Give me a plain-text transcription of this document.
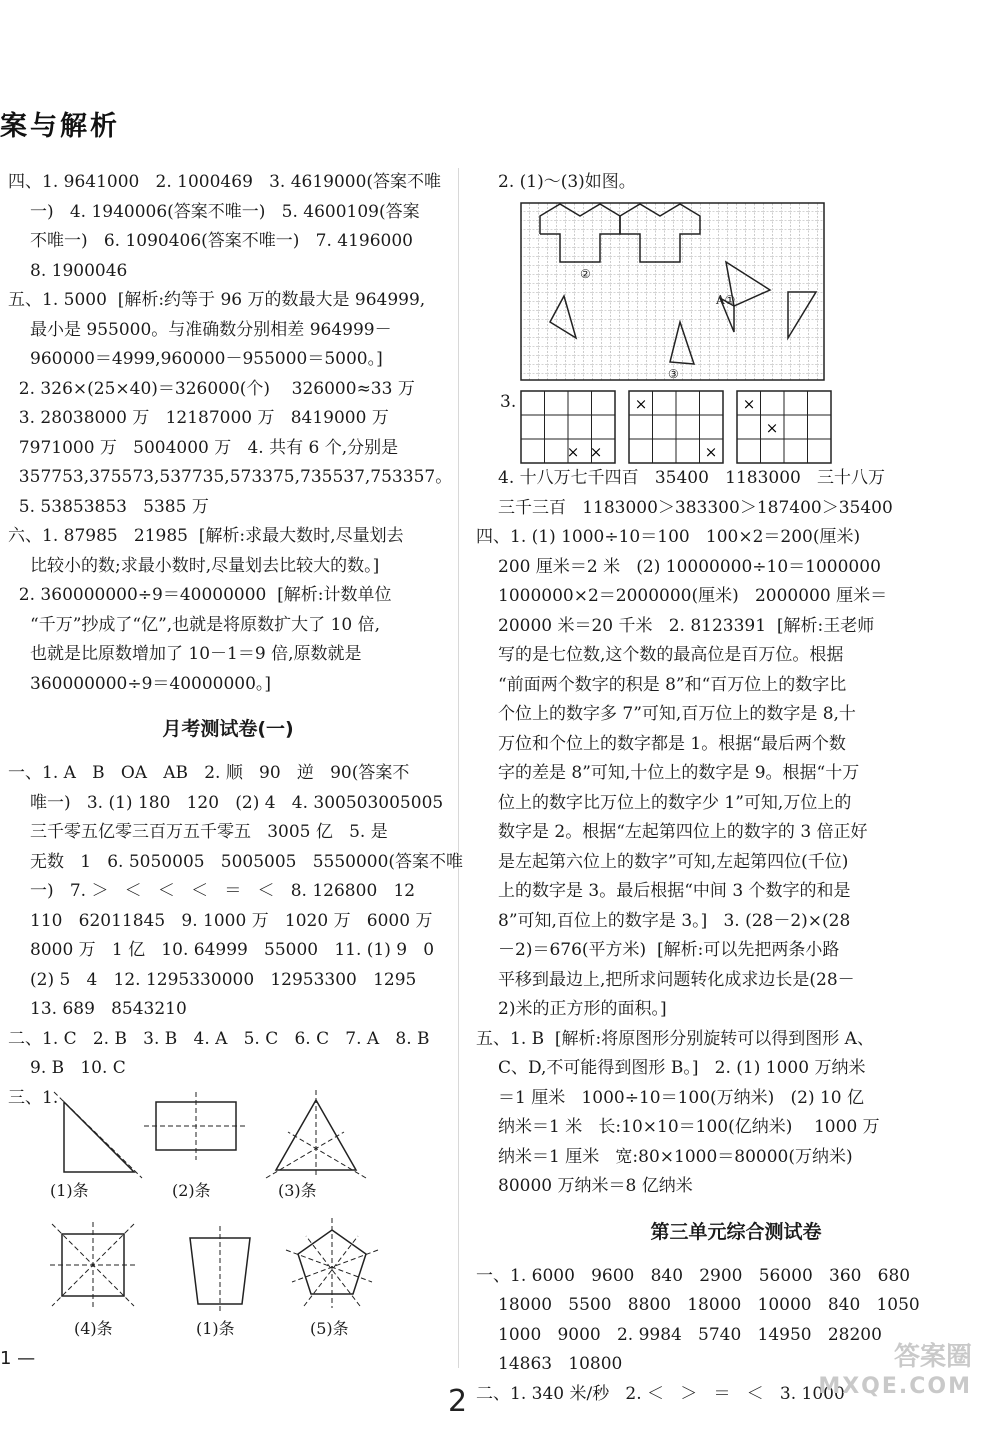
案与解析
四、1. 9641000   2. 1000469   3. 4619000(答案不唯
一)   4. 1940006(答案不唯一)   5. 4600109(答案
不唯一)   6. 1090406(答案不唯一)   7. 4196000
8. 1900046
五、1. 5000  [解析:约等于 96 万的数最大是 964999,
最小是 955000。与准确数分别相差 964999－
960000＝4999,960000－955000＝5000。]
2. 326×(25×40)＝326000(个)    326000≈33 万
3. 28038000 万   12187000 万   8419000 万
7971000 万   5004000 万   4. 共有 6 个,分别是
357753,375573,537735,573375,735537,753357。
5. 53853853   5385 万
六、1. 87985   21985  [解析:求最大数时,尽量划去
比较小的数;求最小数时,尽量划去比较大的数。]
2. 360000000÷9＝40000000  [解析:计数单位
“千万”抄成了“亿”,也就是将原数扩大了 10 倍,
也就是比原数增加了 10－1＝9 倍,原数就是
360000000÷9＝40000000。]
月考测试卷(一)
一、1. A   B   OA   AB   2. 顺   90   逆   90(答案不
唯一)   3. (1) 180   120   (2) 4   4. 300503005005
三千零五亿零三百万五千零五   3005 亿   5. 是
无数   1   6. 5050005   5005005   5550000(答案不唯
一)   7. ＞   ＜   ＜   ＜   ＝   ＜   8. 126800   12
110   62011845   9. 1000 万   1020 万   6000 万
8000 万   1 亿   10. 64999   55000   11. (1) 9   0
(2) 5   4   12. 1295330000   12953300   1295
13. 689   8543210
二、1. C   2. B   3. B   4. A   5. C   6. C   7. A   8. B
9. B   10. C
三、1.
(1)条	(2)条	(3)条
(4)条	(1)条	(5)条
2. (1)～(3)如图。
②
A①
③
3.
× ×
×
×
×
×
4. 十八万七千四百   35400   1183000   三十八万
三千三百   1183000＞383300＞187400＞35400
四、1. (1) 1000÷10＝100   100×2＝200(厘米)
200 厘米＝2 米   (2) 10000000÷10＝1000000
1000000×2＝2000000(厘米)   2000000 厘米＝
20000 米＝20 千米   2. 8123391  [解析:王老师
写的是七位数,这个数的最高位是百万位。根据
“前面两个数字的积是 8”和“百万位上的数字比
个位上的数字多 7”可知,百万位上的数字是 8,十
万位和个位上的数字都是 1。根据“最后两个数
字的差是 8”可知,十位上的数字是 9。根据“十万
位上的数字比万位上的数字少 1”可知,万位上的
数字是 2。根据“左起第四位上的数字的 3 倍正好
是左起第六位上的数字”可知,左起第四位(千位)
上的数字是 3。最后根据“中间 3 个数字的和是
8”可知,百位上的数字是 3。]   3. (28－2)×(28
－2)＝676(平方米)  [解析:可以先把两条小路
平移到最边上,把所求问题转化成求边长是(28－
2)米的正方形的面积。]
五、1. B  [解析:将原图形分别旋转可以得到图形 A、
C、D,不可能得到图形 B。]   2. (1) 1000 万纳米
＝1 厘米   1000÷10＝100(万纳米)   (2) 10 亿
纳米＝1 米   长:10×10＝100(亿纳米)    1000 万
纳米＝1 厘米   宽:80×1000＝80000(万纳米)
80000 万纳米＝8 亿纳米
第三单元综合测试卷
一、1. 6000   9600   840   2900   56000   360   680
18000   5500   8800   18000   10000   840   1050
1000   9000   2. 9984   5740   14950   28200
14863   10800
二、1. 340 米/秒   2. ＜   ＞   ＝   ＜   3. 1000
1 —
2
答案圈
MXQE.COM
